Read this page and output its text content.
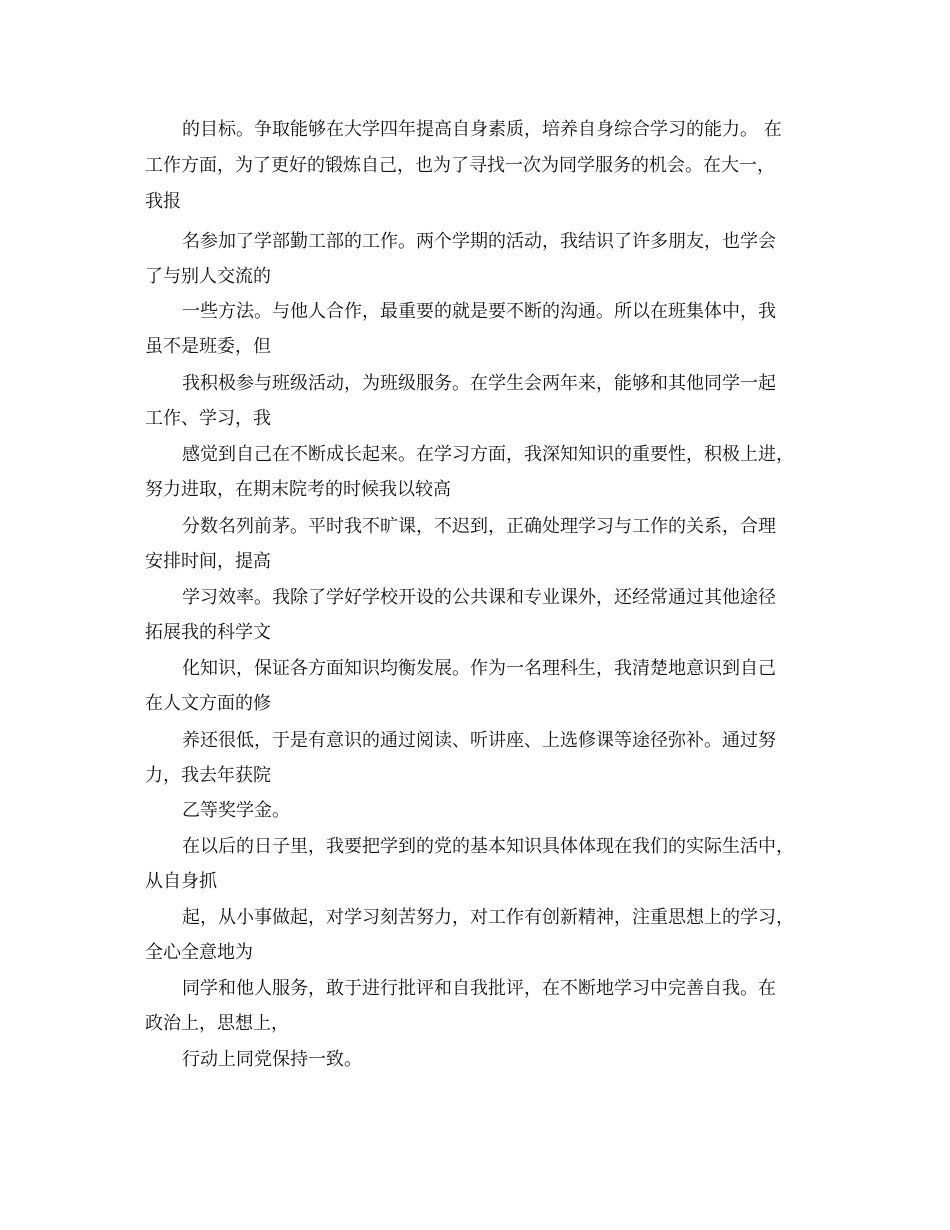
的目标。争取能够在大学四年提高自身素质，培养自身综合学习的能力。 在
工作方面，为了更好的锻炼自己，也为了寻找一次为同学服务的机会。在大一，
我报
名参加了学部勤工部的工作。两个学期的活动，我结识了许多朋友，也学会
了与别人交流的
一些方法。与他人合作，最重要的就是要不断的沟通。所以在班集体中，我
虽不是班委，但
我积极参与班级活动，为班级服务。在学生会两年来，能够和其他同学一起
工作、学习，我
感觉到自己在不断成长起来。在学习方面，我深知知识的重要性，积极上进，
努力进取，在期末院考的时候我以较高
分数名列前茅。平时我不旷课，不迟到，正确处理学习与工作的关系，合理
安排时间，提高
学习效率。我除了学好学校开设的公共课和专业课外，还经常通过其他途径
拓展我的科学文
化知识，保证各方面知识均衡发展。作为一名理科生，我清楚地意识到自己
在人文方面的修
养还很低，于是有意识的通过阅读、听讲座、上选修课等途径弥补。通过努
力，我去年获院
乙等奖学金。
在以后的日子里，我要把学到的党的基本知识具体体现在我们的实际生活中，
从自身抓
起，从小事做起，对学习刻苦努力，对工作有创新精神，注重思想上的学习，
全心全意地为
同学和他人服务，敢于进行批评和自我批评，在不断地学习中完善自我。在
政治上，思想上，
行动上同党保持一致。
